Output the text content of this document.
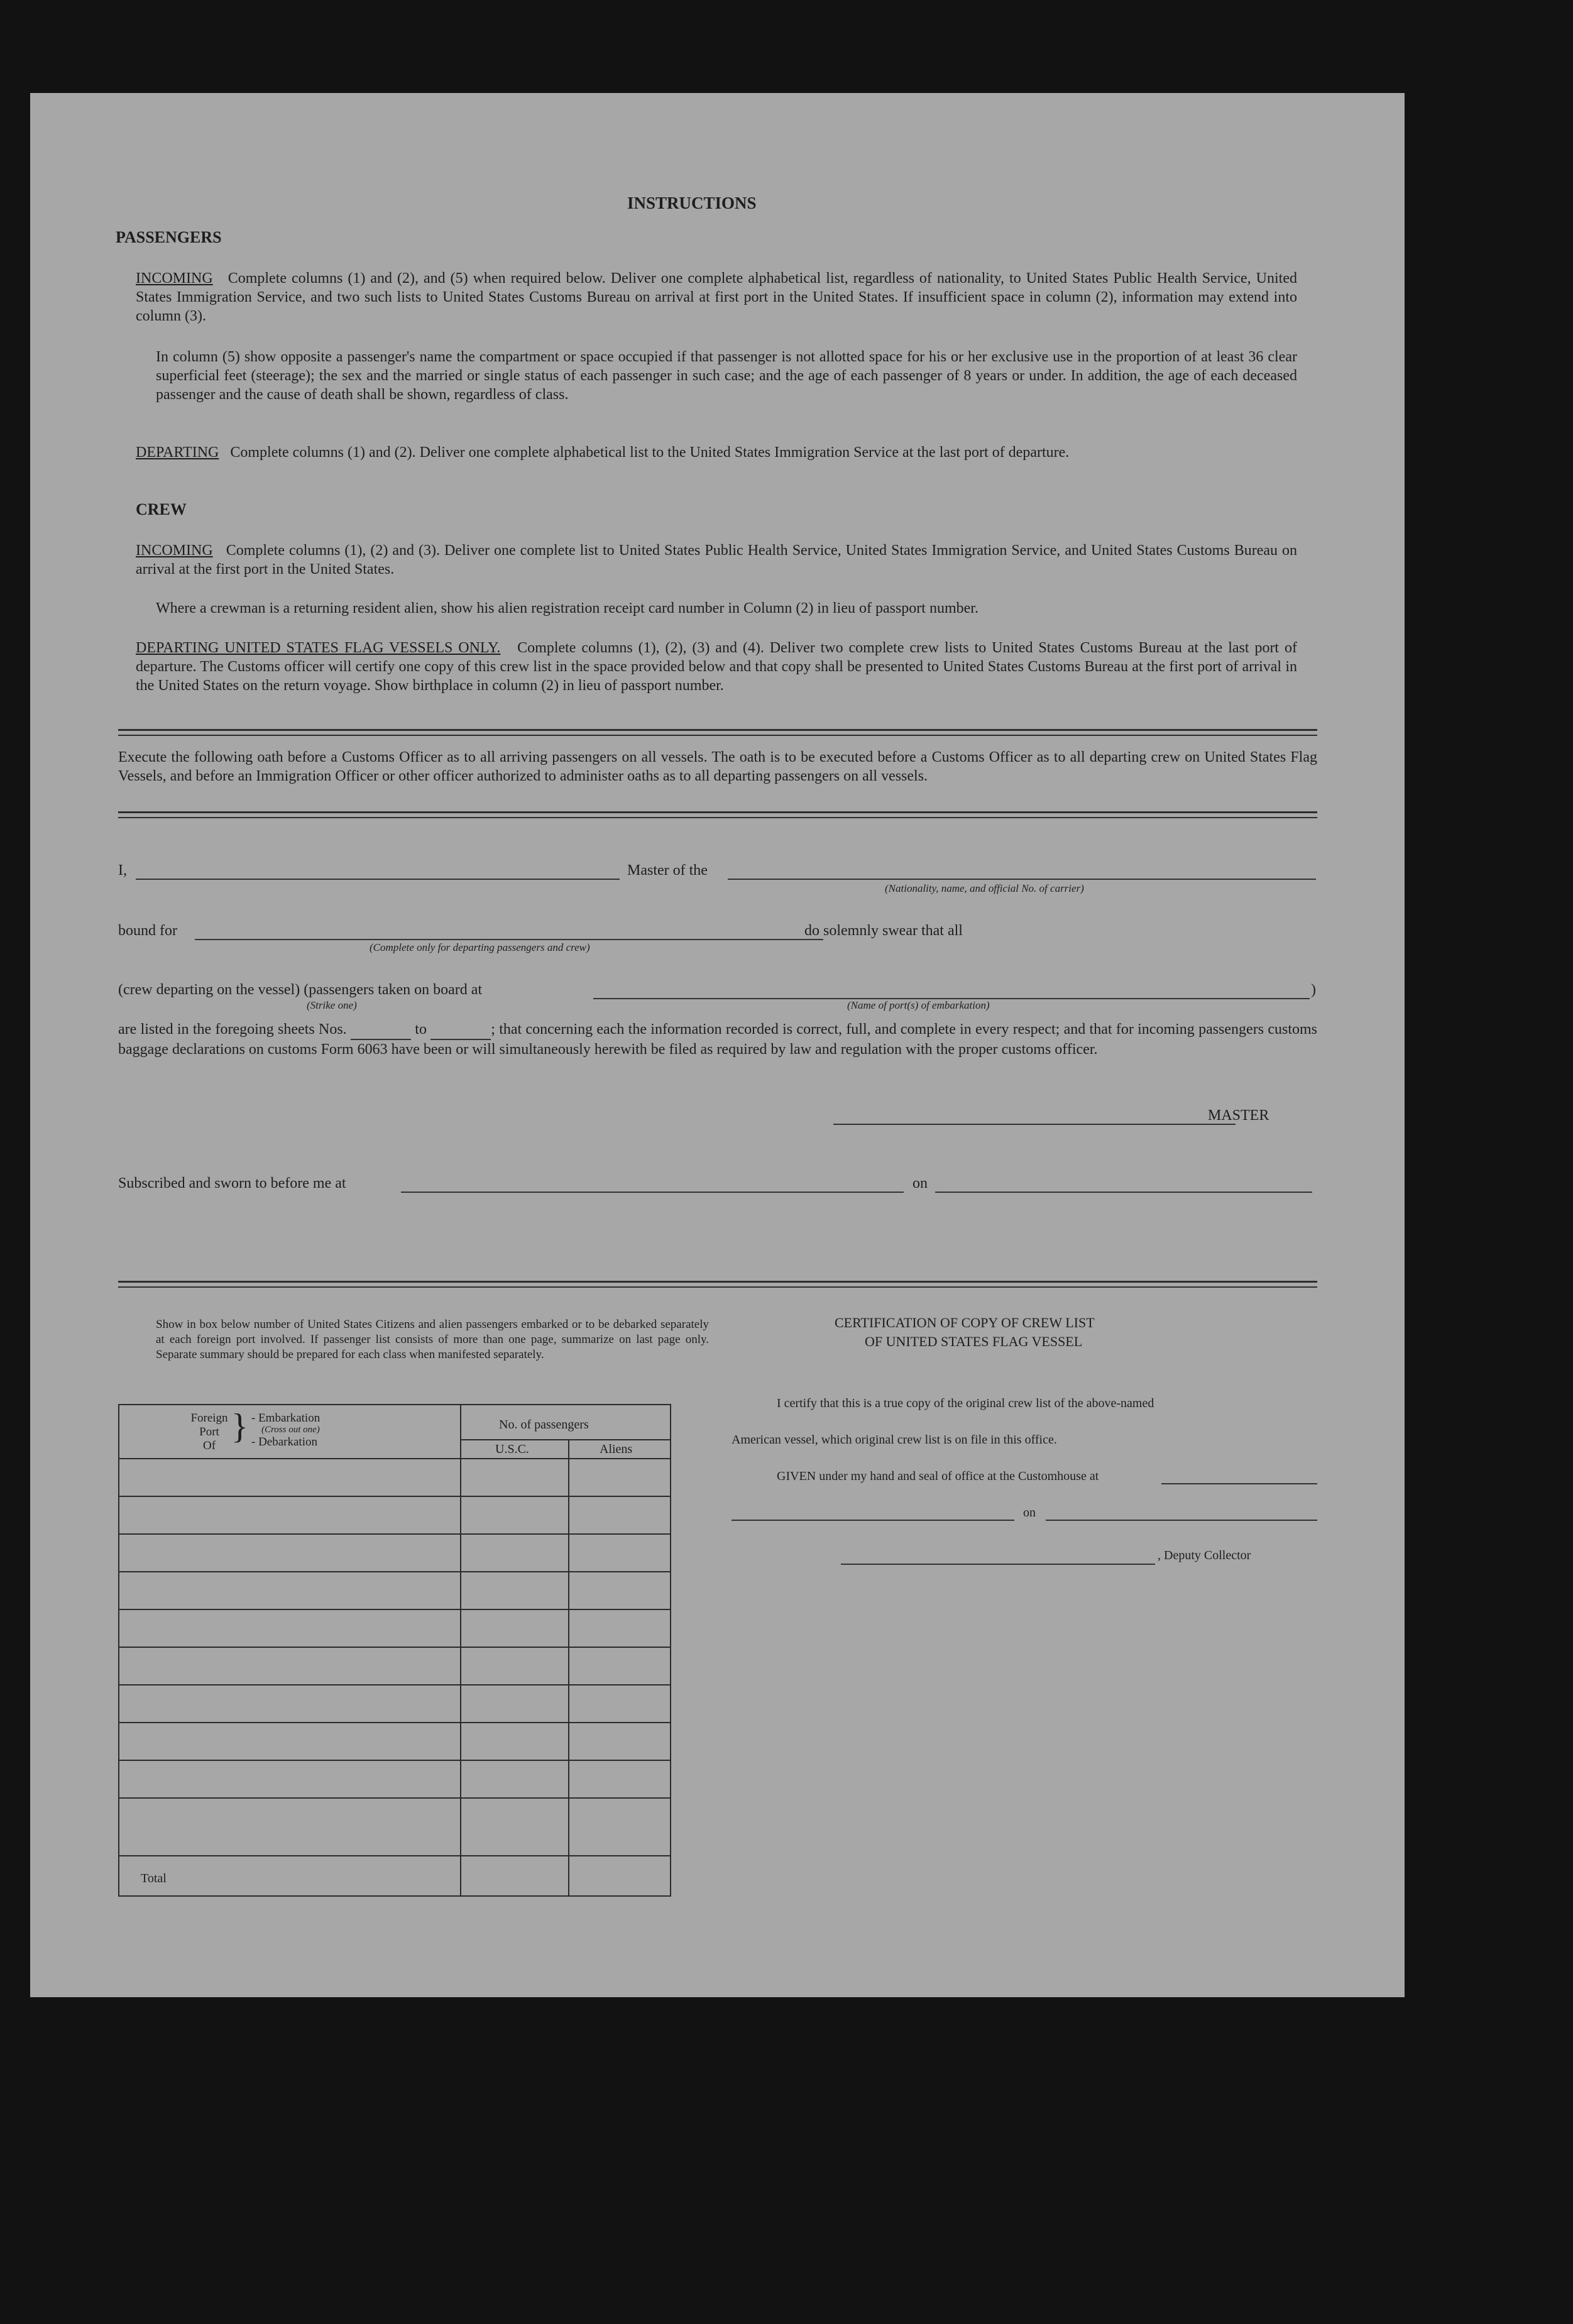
INSTRUCTIONS
PASSENGERS
INCOMING Complete columns (1) and (2), and (5) when required below. Deliver one complete alphabetical list, regardless of nationality, to United States Public Health Service, United States Immigration Service, and two such lists to United States Customs Bureau on arrival at first port in the United States. If insufficient space in column (2), information may extend into column (3).
In column (5) show opposite a passenger's name the compartment or space occupied if that passenger is not allotted space for his or her exclusive use in the proportion of at least 36 clear superficial feet (steerage); the sex and the married or single status of each passenger in such case; and the age of each passenger of 8 years or under. In addition, the age of each deceased passenger and the cause of death shall be shown, regardless of class.
DEPARTING Complete columns (1) and (2). Deliver one complete alphabetical list to the United States Immigration Service at the last port of departure.
CREW
INCOMING Complete columns (1), (2) and (3). Deliver one complete list to United States Public Health Service, United States Immigration Service, and United States Customs Bureau on arrival at the first port in the United States.
Where a crewman is a returning resident alien, show his alien registration receipt card number in Column (2) in lieu of passport number.
DEPARTING UNITED STATES FLAG VESSELS ONLY. Complete columns (1), (2), (3) and (4). Deliver two complete crew lists to United States Customs Bureau at the last port of departure. The Customs officer will certify one copy of this crew list in the space provided below and that copy shall be presented to United States Customs Bureau at the first port of arrival in the United States on the return voyage. Show birthplace in column (2) in lieu of passport number.
Execute the following oath before a Customs Officer as to all arriving passengers on all vessels. The oath is to be executed before a Customs Officer as to all departing crew on United States Flag Vessels, and before an Immigration Officer or other officer authorized to administer oaths as to all departing passengers on all vessels.
I,	Master of the
(Nationality, name, and official No. of carrier)
bound for	do solemnly swear that all
(Complete only for departing passengers and crew)
(crew departing on the vessel) (passengers taken on board at	)
(Strike one)	(Name of port(s) of embarkation)
are listed in the foregoing sheets Nos.	to	; that concerning each the information recorded is correct, full, and complete in every respect; and that for incoming passengers customs baggage declarations on customs Form 6063 have been or will simultaneously herewith be filed as required by law and regulation with the proper customs officer.
MASTER
Subscribed and sworn to before me at	on
Show in box below number of United States Citizens and alien passengers embarked or to be debarked separately at each foreign port involved. If passenger list consists of more than one page, summarize on last page only. Separate summary should be prepared for each class when manifested separately.
Foreign
Port
Of } - Embarkation
(Cross out one)
- Debarkation
No. of passengers
U.S.C.	Aliens
Total
CERTIFICATION OF COPY OF CREW LIST
OF UNITED STATES FLAG VESSEL
I certify that this is a true copy of the original crew list of the above-named
American vessel, which original crew list is on file in this office.
GIVEN under my hand and seal of office at the Customhouse at
on
, Deputy Collector
